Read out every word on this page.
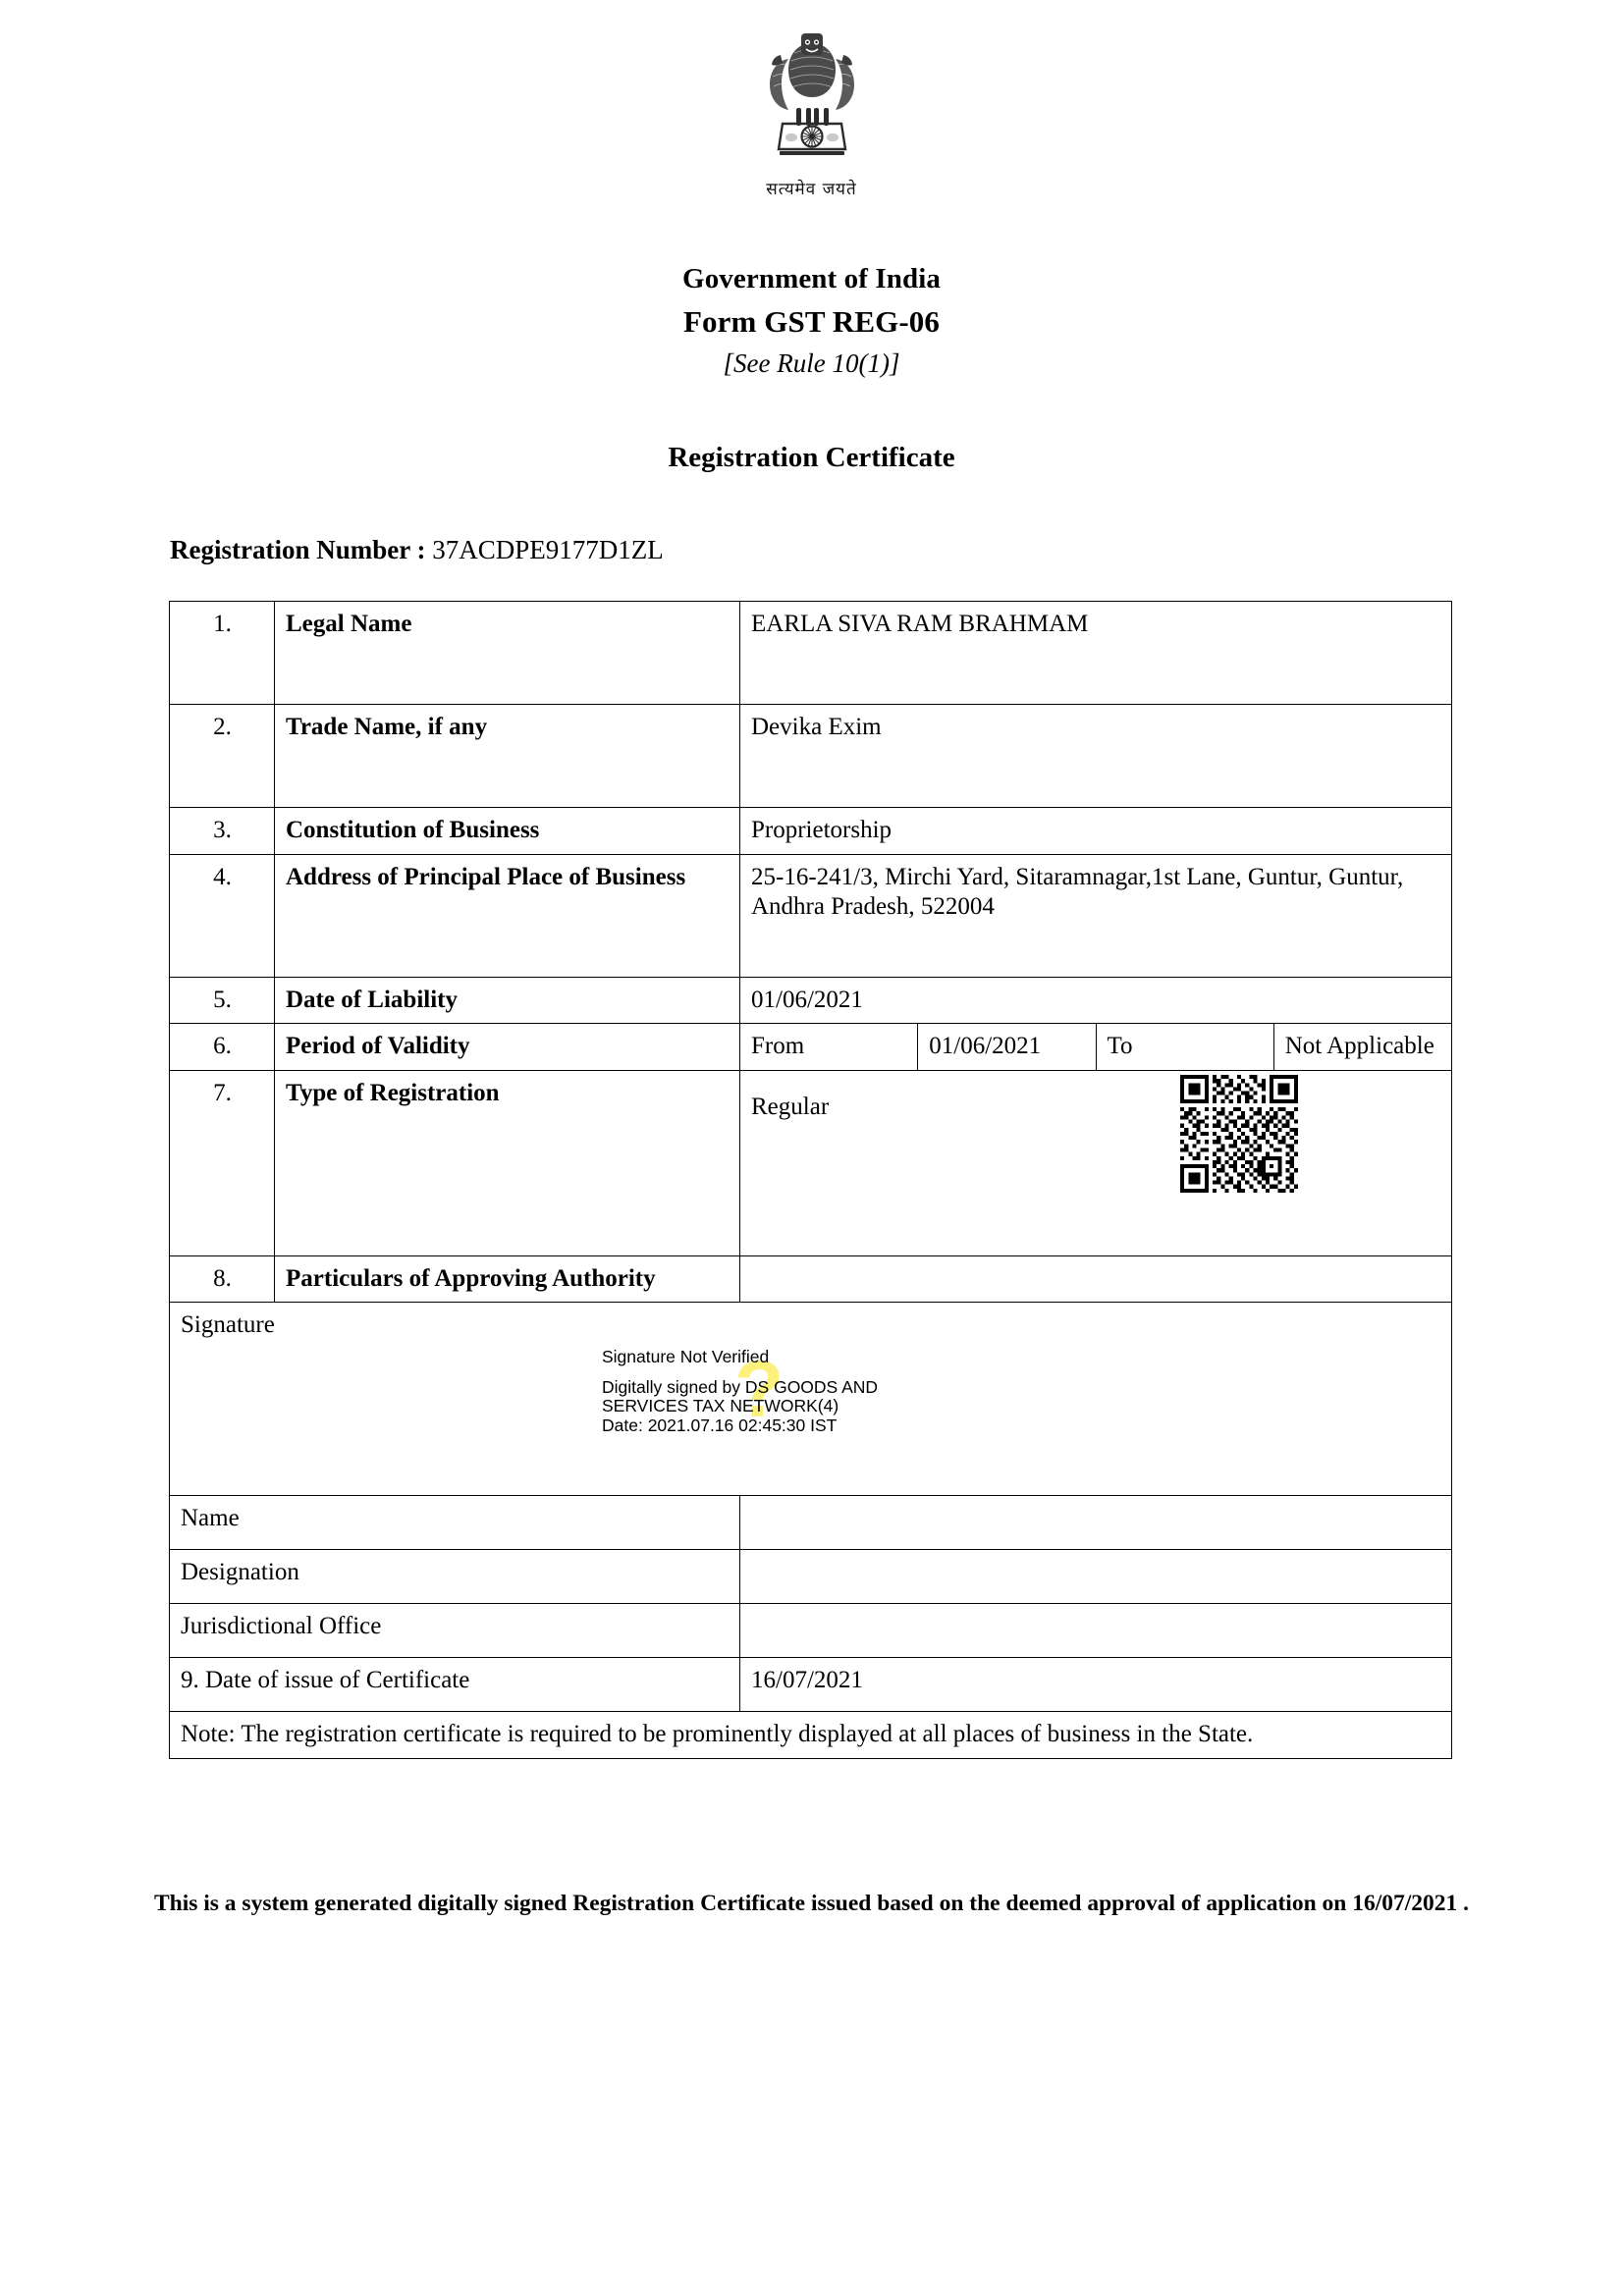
सत्यमेव जयते
Government of India
Form GST REG-06
[See Rule 10(1)]
Registration Certificate
Registration Number : 37ACDPE9177D1ZL
1.	Legal Name	EARLA SIVA RAM BRAHMAM			
2.	Trade Name, if any	Devika Exim			
3.	Constitution of Business	Proprietorship			
4.	Address of Principal Place of Business	25-16-241/3, Mirchi Yard, Sitaramnagar,1st Lane, Guntur, Guntur, Andhra Pradesh, 522004			
5.	Date of Liability	01/06/2021			
6.	Period of Validity	From	01/06/2021	To	Not Applicable
7.	Type of Registration	Regular			

8.	Particulars of Approving Authority				

Signature
?
Signature Not Verified
Digitally signed by DS GOODS AND
SERVICES TAX NETWORK(4)
Date: 2021.07.16 02:45:30 IST

Name					
Designation					
Jurisdictional Office					
9. Date of issue of Certificate		16/07/2021			
Note: The registration certificate is required to be prominently displayed at all places of business in the State.					
This is a system generated digitally signed Registration Certificate issued based on the deemed approval of application on 16/07/2021 .
